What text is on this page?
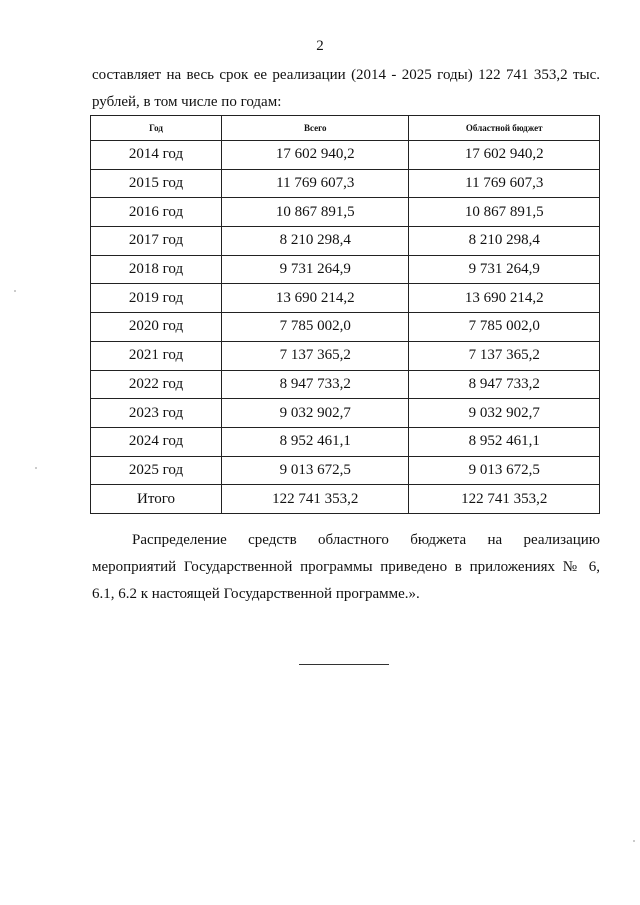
2
составляет на весь срок ее реализации (2014 - 2025 годы) 122 741 353,2 тыс.
рублей, в том числе по годам:
Год	Всего	Областной бюджет
2014 год	17 602 940,2	17 602 940,2
2015 год	11 769 607,3	11 769 607,3
2016 год	10 867 891,5	10 867 891,5
2017 год	8 210 298,4	8 210 298,4
2018 год	9 731 264,9	9 731 264,9
2019 год	13 690 214,2	13 690 214,2
2020 год	7 785 002,0	7 785 002,0
2021 год	7 137 365,2	7 137 365,2
2022 год	8 947 733,2	8 947 733,2
2023 год	9 032 902,7	9 032 902,7
2024 год	8 952 461,1	8 952 461,1
2025 год	9 013 672,5	9 013 672,5
Итого	122 741 353,2	122 741 353,2
Распределение средств областного бюджета на реализацию
мероприятий Государственной программы приведено в приложениях № 6,
6.1, 6.2 к настоящей Государственной программе.».
